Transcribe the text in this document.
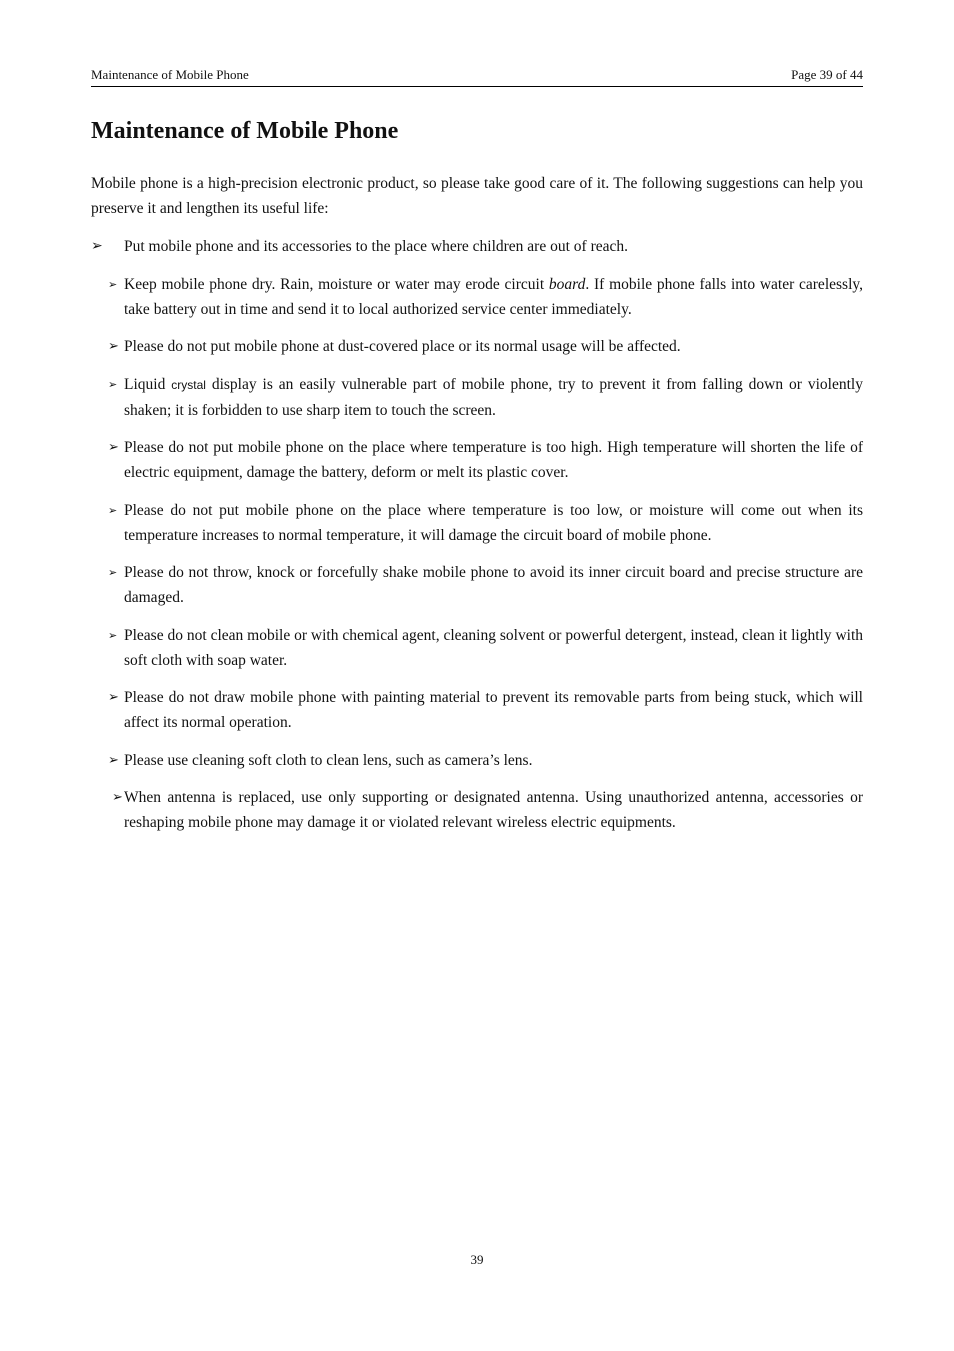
Maintenance of Mobile Phone	Page 39 of 44
Maintenance of Mobile Phone

Mobile phone is a high-precision electronic product, so please take good care of it. The following suggestions can help you preserve it and lengthen its useful life:

➢ Put mobile phone and its accessories to the place where children are out of reach.
➢ Keep mobile phone dry. Rain, moisture or water may erode circuit board. If mobile phone falls into water carelessly, take battery out in time and send it to local authorized service center immediately.
➢ Please do not put mobile phone at dust-covered place or its normal usage will be affected.
➢ Liquid crystal display is an easily vulnerable part of mobile phone, try to prevent it from falling down or violently shaken; it is forbidden to use sharp item to touch the screen.
➢ Please do not put mobile phone on the place where temperature is too high. High temperature will shorten the life of electric equipment, damage the battery, deform or melt its plastic cover.
➢ Please do not put mobile phone on the place where temperature is too low, or moisture will come out when its temperature increases to normal temperature, it will damage the circuit board of mobile phone.
➢ Please do not throw, knock or forcefully shake mobile phone to avoid its inner circuit board and precise structure are damaged.
➢ Please do not clean mobile or with chemical agent, cleaning solvent or powerful detergent, instead, clean it lightly with soft cloth with soap water.
➢ Please do not draw mobile phone with painting material to prevent its removable parts from being stuck, which will affect its normal operation.
➢ Please use cleaning soft cloth to clean lens, such as camera’s lens.
➢ When antenna is replaced, use only supporting or designated antenna. Using unauthorized antenna, accessories or reshaping mobile phone may damage it or violated relevant wireless electric equipments.
39
